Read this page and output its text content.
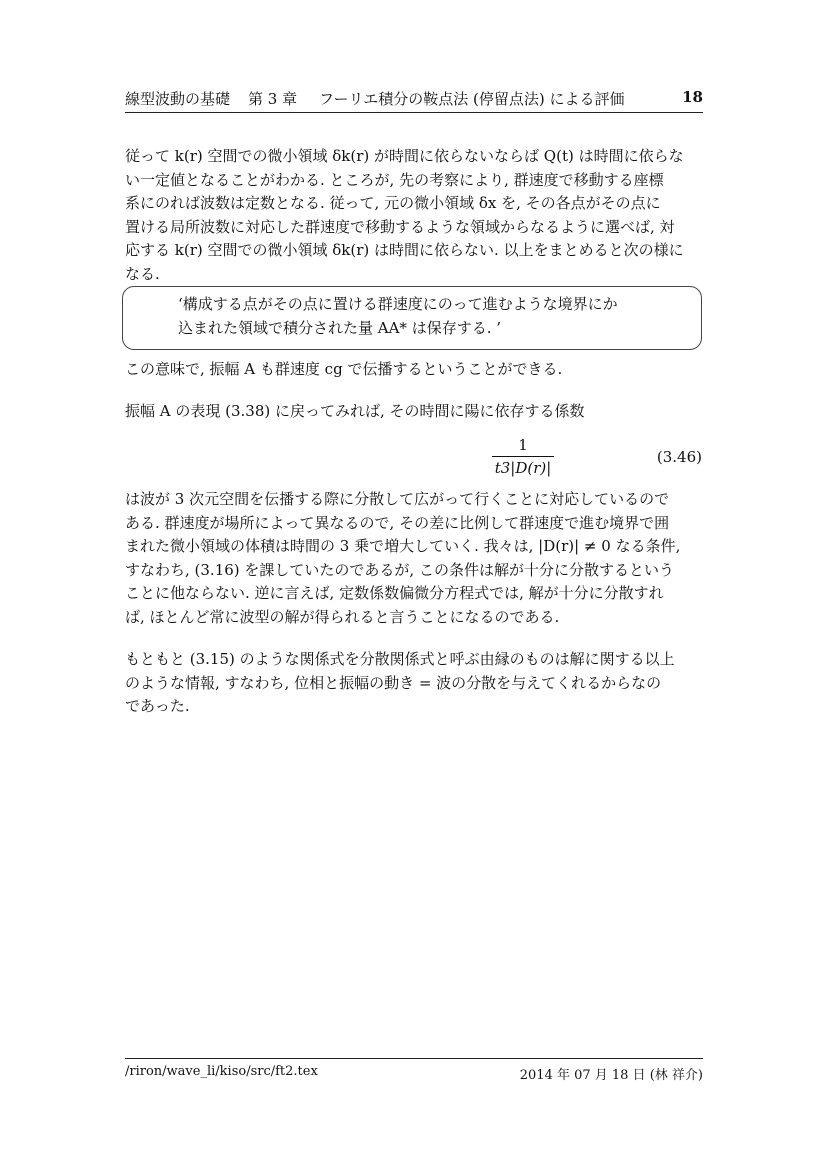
線型波動の基礎 第 3 章 フーリエ積分の鞍点法 (停留点法) による評価	18
従って k(r) 空間での微小領域 δk(r) が時間に依らないならば Q(t) は時間に依らな
い一定値となることがわかる. ところが, 先の考察により, 群速度で移動する座標
系にのれば波数は定数となる. 従って, 元の微小領域 δx を, その各点がその点に
置ける局所波数に対応した群速度で移動するような領域からなるように選べば, 対
応する k(r) 空間での微小領域 δk(r) は時間に依らない. 以上をまとめると次の様に
なる.
‘構成する点がその点に置ける群速度にのって進むような境界にか
込まれた領域で積分された量 AA* は保存する. ’
この意味で, 振幅 A も群速度 cg で伝播するということができる.
振幅 A の表現 (3.38) に戻ってみれば, その時間に陽に依存する係数
1
t3|D(r)|
(3.46)
は波が 3 次元空間を伝播する際に分散して広がって行くことに対応しているので
ある. 群速度が場所によって異なるので, その差に比例して群速度で進む境界で囲
まれた微小領域の体積は時間の 3 乗で増大していく. 我々は, |D(r)| ≠ 0 なる条件,
すなわち, (3.16) を課していたのであるが, この条件は解が十分に分散するという
ことに他ならない. 逆に言えば, 定数係数偏微分方程式では, 解が十分に分散すれ
ば, ほとんど常に波型の解が得られると言うことになるのである.
もともと (3.15) のような関係式を分散関係式と呼ぶ由縁のものは解に関する以上
のような情報, すなわち, 位相と振幅の動き = 波の分散を与えてくれるからなの
であった.
/riron/wave_li/kiso/src/ft2.tex	2014 年 07 月 18 日 (林 祥介)
